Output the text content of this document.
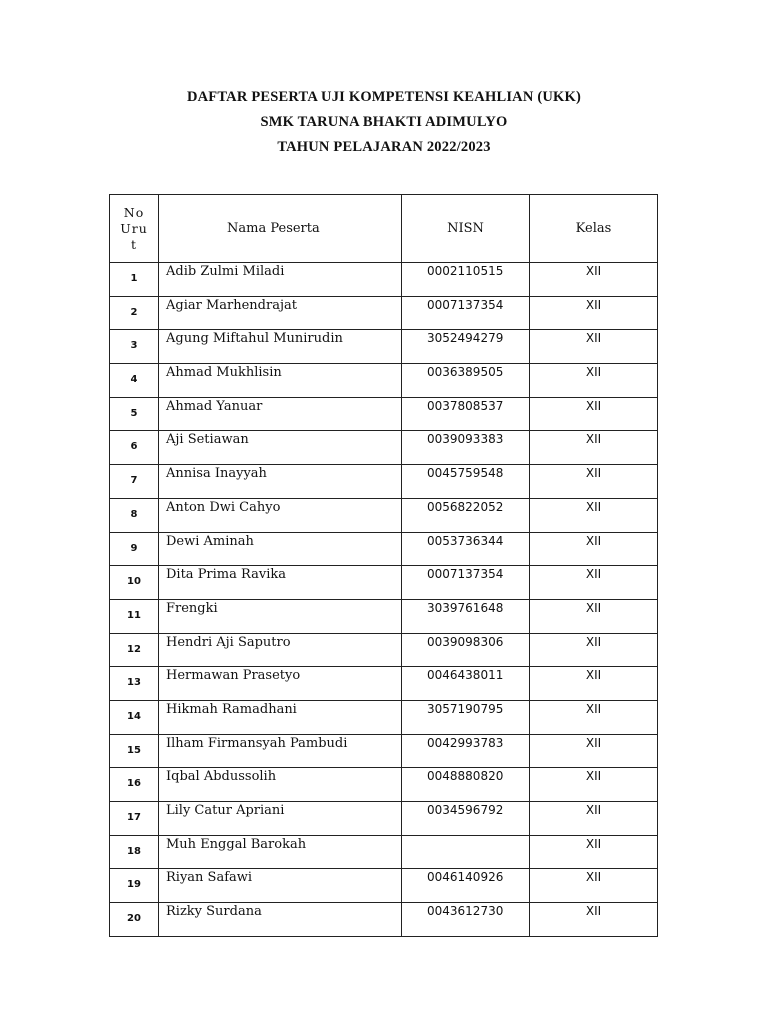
DAFTAR PESERTA UJI KOMPETENSI KEAHLIAN (UKK)
SMK TARUNA BHAKTI ADIMULYO
TAHUN PELAJARAN 2022/2023
No
Uru
t	Nama Peserta	NISN	Kelas
1	Adib Zulmi Miladi	0002110515	XII
2	Agiar Marhendrajat	0007137354	XII
3	Agung Miftahul Munirudin	3052494279	XII
4	Ahmad Mukhlisin	0036389505	XII
5	Ahmad Yanuar	0037808537	XII
6	Aji Setiawan	0039093383	XII
7	Annisa Inayyah	0045759548	XII
8	Anton Dwi Cahyo	0056822052	XII
9	Dewi Aminah	0053736344	XII
10	Dita Prima Ravika	0007137354	XII
11	Frengki	3039761648	XII
12	Hendri Aji Saputro	0039098306	XII
13	Hermawan Prasetyo	0046438011	XII
14	Hikmah Ramadhani	3057190795	XII
15	Ilham Firmansyah Pambudi	0042993783	XII
16	Iqbal Abdussolih	0048880820	XII
17	Lily Catur Apriani	0034596792	XII
18	Muh Enggal Barokah		XII
19	Riyan Safawi	0046140926	XII
20	Rizky Surdana	0043612730	XII
